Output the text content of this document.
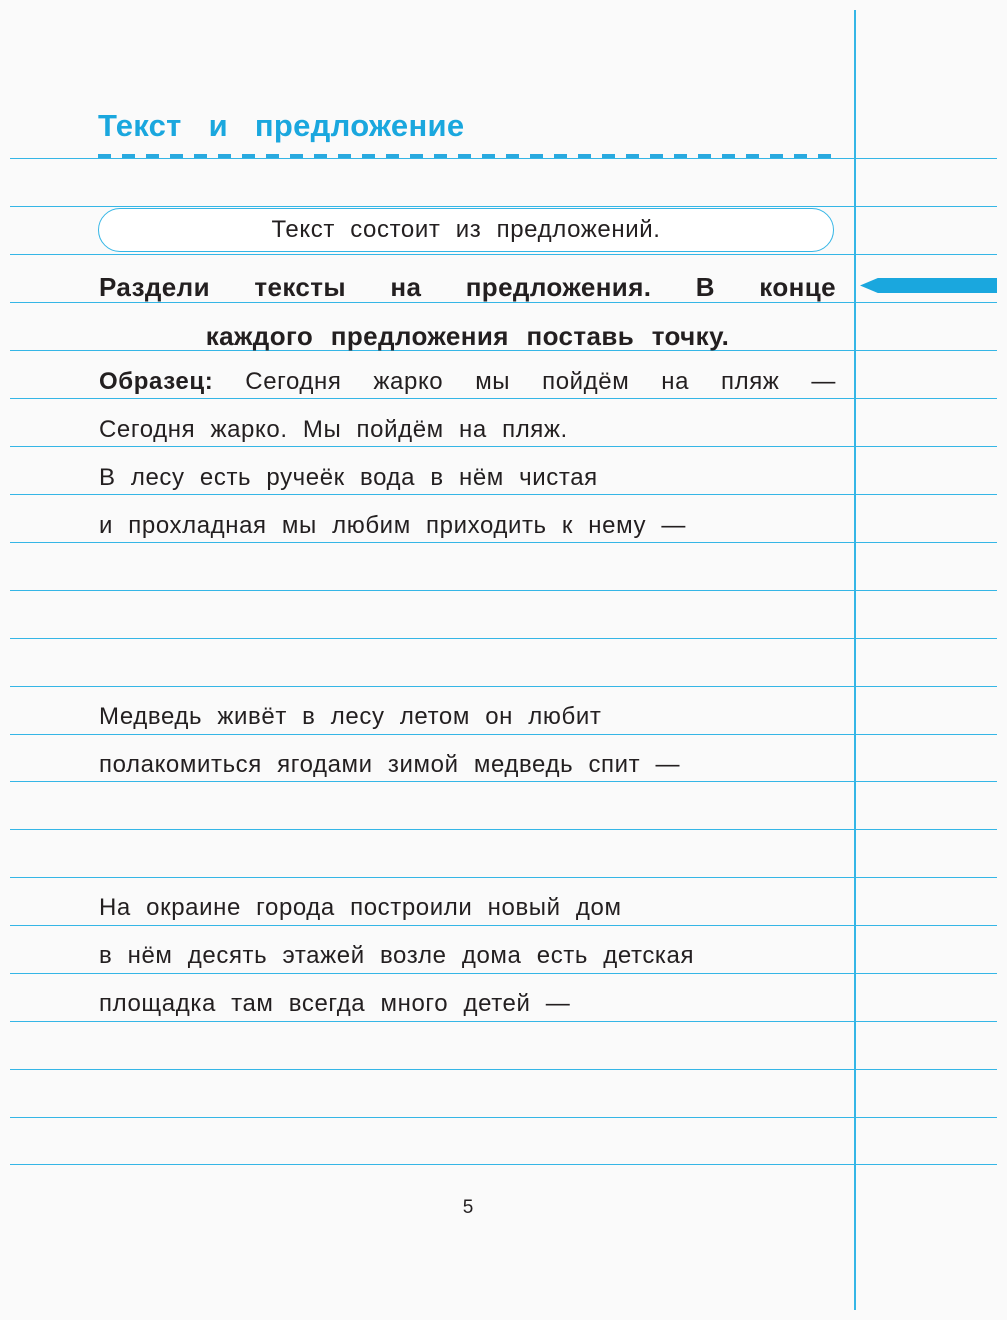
Текст и предложение
Текст состоит из предложений.

Раздели тексты на предложения. В конце

каждого предложения поставь точку.

Образец: Сегодня жарко мы пойдём на пляж —

Сегодня жарко. Мы пойдём на пляж.

В лесу есть ручеёк вода в нём чистая

и прохладная мы любим приходить к нему —

Медведь живёт в лесу летом он любит

полакомиться ягодами зимой медведь спит —

На окраине города построили новый дом

в нём десять этажей возле дома есть детская

площадка там всегда много детей —

5
